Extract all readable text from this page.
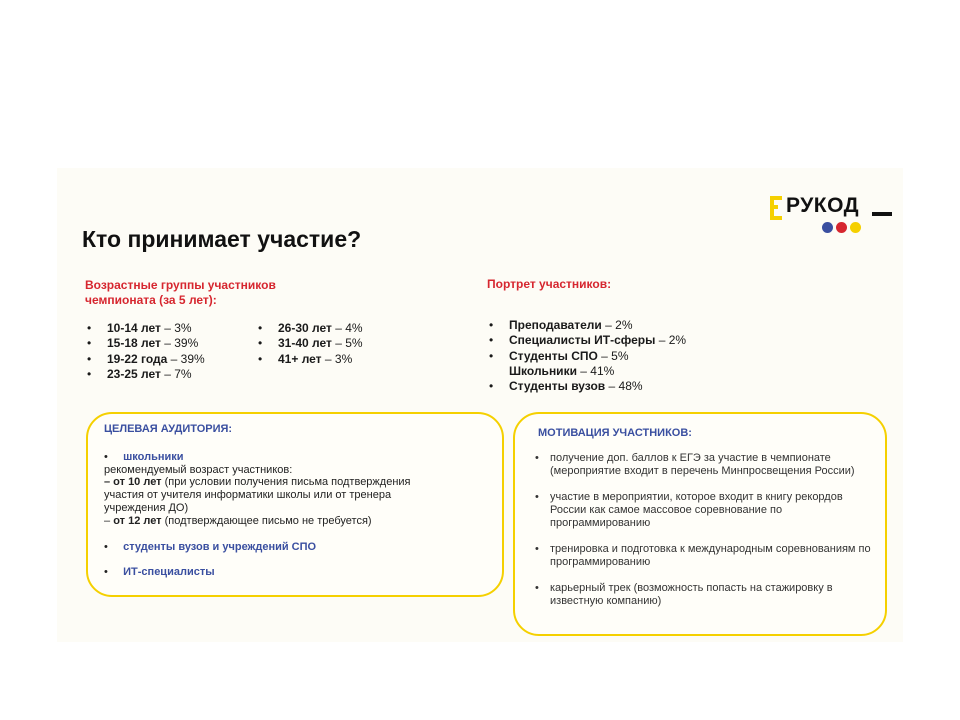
Кто принимает участие?
РУКОД

Возрастные группы участников
чемпионата (за 5 лет):

• 10-14 лет – 3%
• 15-18 лет – 39%
• 19-22 года – 39%
• 23-25 лет – 7%
• 26-30 лет – 4%
• 31-40 лет – 5%
• 41+ лет – 3%

Портрет участников:

• Преподаватели – 2%
• Специалисты ИТ-сферы – 2%
• Студенты СПО – 5%
Школьники – 41%
• Студенты вузов – 48%

ЦЕЛЕВАЯ АУДИТОРИЯ:

• школьники
рекомендуемый возраст участников:
– от 10 лет (при условии получения письма подтверждения
участия от учителя информатики школы или от тренера
учреждения ДО)
– от 12 лет (подтверждающее письмо не требуется)
• студенты вузов и учреждений СПО
• ИТ-специалисты

МОТИВАЦИЯ УЧАСТНИКОВ:

• получение доп. баллов к ЕГЭ за участие в чемпионате (мероприятие входит в перечень Минпросвещения России)
• участие в мероприятии, которое входит в книгу рекордов России как самое массовое соревнование по программированию
• тренировка и подготовка к международным соревнованиям по программированию
• карьерный трек (возможность попасть на стажировку в известную компанию)
